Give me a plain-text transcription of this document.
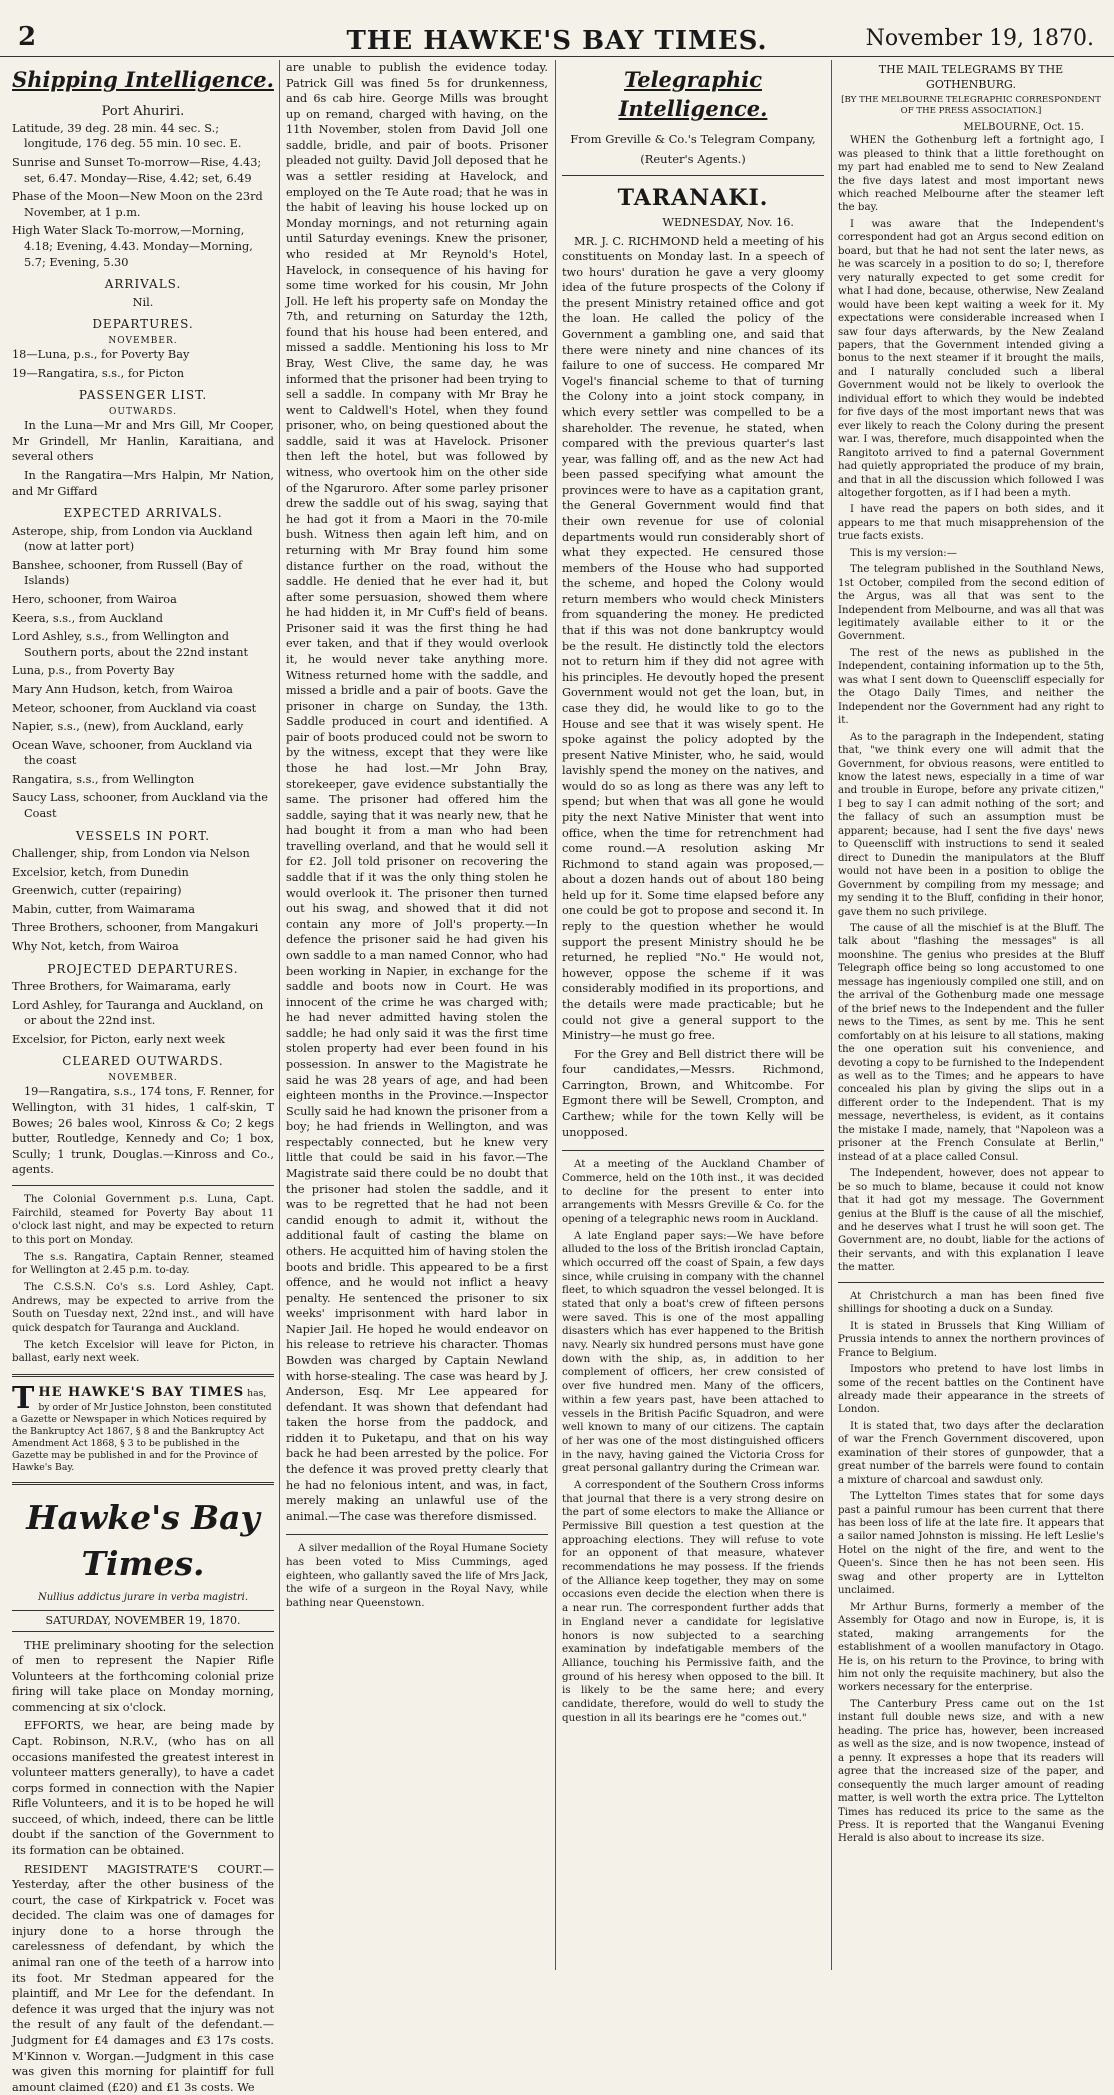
2	THE HAWKE'S BAY TIMES.	November 19, 1870.
Shipping Intelligence.
Port Ahuriri.

Latitude, 39 deg. 28 min. 44 sec. S.; longitude, 176 deg. 55 min. 10 sec. E.

Sunrise and Sunset To-morrow—Rise, 4.43; set, 6.47. Monday—Rise, 4.42; set, 6.49

Phase of the Moon—New Moon on the 23rd November, at 1 p.m.

High Water Slack To-morrow,—Morning, 4.18; Evening, 4.43. Monday—Morning, 5.7; Evening, 5.30

ARRIVALS.
Nil.
DEPARTURES.
NOVEMBER.

18—Luna, p.s., for Poverty Bay

19—Rangatira, s.s., for Picton

PASSENGER LIST.
OUTWARDS.

In the Luna—Mr and Mrs Gill, Mr Cooper, Mr Grindell, Mr Hanlin, Karaitiana, and several others

In the Rangatira—Mrs Halpin, Mr Nation, and Mr Giffard

EXPECTED ARRIVALS.

Asterope, ship, from London via Auckland (now at latter port)

Banshee, schooner, from Russell (Bay of Islands)

Hero, schooner, from Wairoa

Keera, s.s., from Auckland

Lord Ashley, s.s., from Wellington and Southern ports, about the 22nd instant

Luna, p.s., from Poverty Bay

Mary Ann Hudson, ketch, from Wairoa

Meteor, schooner, from Auckland via coast

Napier, s.s., (new), from Auckland, early

Ocean Wave, schooner, from Auckland via the coast

Rangatira, s.s., from Wellington

Saucy Lass, schooner, from Auckland via the Coast

VESSELS IN PORT.

Challenger, ship, from London via Nelson

Excelsior, ketch, from Dunedin

Greenwich, cutter (repairing)

Mabin, cutter, from Waimarama

Three Brothers, schooner, from Mangakuri

Why Not, ketch, from Wairoa

PROJECTED DEPARTURES.

Three Brothers, for Waimarama, early

Lord Ashley, for Tauranga and Auckland, on or about the 22nd inst.

Excelsior, for Picton, early next week

CLEARED OUTWARDS.
NOVEMBER.

19—Rangatira, s.s., 174 tons, F. Renner, for Wellington, with 31 hides, 1 calf-skin, T Bowes; 26 bales wool, Kinross & Co; 2 kegs butter, Routledge, Kennedy and Co; 1 box, Scully; 1 trunk, Douglas.—Kinross and Co., agents.

The Colonial Government p.s. Luna, Capt. Fairchild, steamed for Poverty Bay about 11 o'clock last night, and may be expected to return to this port on Monday.

The s.s. Rangatira, Captain Renner, steamed for Wellington at 2.45 p.m. to-day.

The C.S.S.N. Co's s.s. Lord Ashley, Capt. Andrews, may be expected to arrive from the South on Tuesday next, 22nd inst., and will have quick despatch for Tauranga and Auckland.

The ketch Excelsior will leave for Picton, in ballast, early next week.

T HE HAWKE'S BAY TIMES has, by order of Mr Justice Johnston, been constituted a Gazette or Newspaper in which Notices required by the Bankruptcy Act 1867, § 8 and the Bankruptcy Act Amendment Act 1868, § 3 to be published in the Gazette may be published in and for the Province of Hawke's Bay.
Hawke's Bay Times.
Nullius addictus jurare in verba magistri.
SATURDAY, NOVEMBER 19, 1870.

THE preliminary shooting for the selection of men to represent the Napier Rifle Volunteers at the forthcoming colonial prize firing will take place on Monday morning, commencing at six o'clock.

EFFORTS, we hear, are being made by Capt. Robinson, N.R.V., (who has on all occasions manifested the greatest interest in volunteer matters generally), to have a cadet corps formed in connection with the Napier Rifle Volunteers, and it is to be hoped he will succeed, of which, indeed, there can be little doubt if the sanction of the Government to its formation can be obtained.

RESIDENT MAGISTRATE'S COURT.—Yesterday, after the other business of the court, the case of Kirkpatrick v. Focet was decided. The claim was one of damages for injury done to a horse through the carelessness of defendant, by which the animal ran one of the teeth of a harrow into its foot. Mr Stedman appeared for the plaintiff, and Mr Lee for the defendant. In defence it was urged that the injury was not the result of any fault of the defendant.—Judgment for £4 damages and £3 17s costs. M'Kinnon v. Worgan.—Judgment in this case was given this morning for plaintiff for full amount claimed (£20) and £1 3s costs. We

are unable to publish the evidence today. Patrick Gill was fined 5s for drunkenness, and 6s cab hire. George Mills was brought up on remand, charged with having, on the 11th November, stolen from David Joll one saddle, bridle, and pair of boots. Prisoner pleaded not guilty. David Joll deposed that he was a settler residing at Havelock, and employed on the Te Aute road; that he was in the habit of leaving his house locked up on Monday mornings, and not returning again until Saturday evenings. Knew the prisoner, who resided at Mr Reynold's Hotel, Havelock, in consequence of his having for some time worked for his cousin, Mr John Joll. He left his property safe on Monday the 7th, and returning on Saturday the 12th, found that his house had been entered, and missed a saddle. Mentioning his loss to Mr Bray, West Clive, the same day, he was informed that the prisoner had been trying to sell a saddle. In company with Mr Bray he went to Caldwell's Hotel, when they found prisoner, who, on being questioned about the saddle, said it was at Havelock. Prisoner then left the hotel, but was followed by witness, who overtook him on the other side of the Ngaruroro. After some parley prisoner drew the saddle out of his swag, saying that he had got it from a Maori in the 70-mile bush. Witness then again left him, and on returning with Mr Bray found him some distance further on the road, without the saddle. He denied that he ever had it, but after some persuasion, showed them where he had hidden it, in Mr Cuff's field of beans. Prisoner said it was the first thing he had ever taken, and that if they would overlook it, he would never take anything more. Witness returned home with the saddle, and missed a bridle and a pair of boots. Gave the prisoner in charge on Sunday, the 13th. Saddle produced in court and identified. A pair of boots produced could not be sworn to by the witness, except that they were like those he had lost.—Mr John Bray, storekeeper, gave evidence substantially the same. The prisoner had offered him the saddle, saying that it was nearly new, that he had bought it from a man who had been travelling overland, and that he would sell it for £2. Joll told prisoner on recovering the saddle that if it was the only thing stolen he would overlook it. The prisoner then turned out his swag, and showed that it did not contain any more of Joll's property.—In defence the prisoner said he had given his own saddle to a man named Connor, who had been working in Napier, in exchange for the saddle and boots now in Court. He was innocent of the crime he was charged with; he had never admitted having stolen the saddle; he had only said it was the first time stolen property had ever been found in his possession. In answer to the Magistrate he said he was 28 years of age, and had been eighteen months in the Province.—Inspector Scully said he had known the prisoner from a boy; he had friends in Wellington, and was respectably connected, but he knew very little that could be said in his favor.—The Magistrate said there could be no doubt that the prisoner had stolen the saddle, and it was to be regretted that he had not been candid enough to admit it, without the additional fault of casting the blame on others. He acquitted him of having stolen the boots and bridle. This appeared to be a first offence, and he would not inflict a heavy penalty. He sentenced the prisoner to six weeks' imprisonment with hard labor in Napier Jail. He hoped he would endeavor on his release to retrieve his character. Thomas Bowden was charged by Captain Newland with horse-stealing. The case was heard by J. Anderson, Esq. Mr Lee appeared for defendant. It was shown that defendant had taken the horse from the paddock, and ridden it to Puketapu, and that on his way back he had been arrested by the police. For the defence it was proved pretty clearly that he had no felonious intent, and was, in fact, merely making an unlawful use of the animal.—The case was therefore dismissed.

A silver medallion of the Royal Humane Society has been voted to Miss Cummings, aged eighteen, who gallantly saved the life of Mrs Jack, the wife of a surgeon in the Royal Navy, while bathing near Queenstown.

Telegraphic Intelligence.
From Greville & Co.'s Telegram Company,
(Reuter's Agents.)
TARANAKI.
WEDNESDAY, Nov. 16.

MR. J. C. RICHMOND held a meeting of his constituents on Monday last. In a speech of two hours' duration he gave a very gloomy idea of the future prospects of the Colony if the present Ministry retained office and got the loan. He called the policy of the Government a gambling one, and said that there were ninety and nine chances of its failure to one of success. He compared Mr Vogel's financial scheme to that of turning the Colony into a joint stock company, in which every settler was compelled to be a shareholder. The revenue, he stated, when compared with the previous quarter's last year, was falling off, and as the new Act had been passed specifying what amount the provinces were to have as a capitation grant, the General Government would find that their own revenue for use of colonial departments would run considerably short of what they expected. He censured those members of the House who had supported the scheme, and hoped the Colony would return members who would check Ministers from squandering the money. He predicted that if this was not done bankruptcy would be the result. He distinctly told the electors not to return him if they did not agree with his principles. He devoutly hoped the present Government would not get the loan, but, in case they did, he would like to go to the House and see that it was wisely spent. He spoke against the policy adopted by the present Native Minister, who, he said, would lavishly spend the money on the natives, and would do so as long as there was any left to spend; but when that was all gone he would pity the next Native Minister that went into office, when the time for retrenchment had come round.—A resolution asking Mr Richmond to stand again was proposed,—about a dozen hands out of about 180 being held up for it. Some time elapsed before any one could be got to propose and second it. In reply to the question whether he would support the present Ministry should he be returned, he replied "No." He would not, however, oppose the scheme if it was considerably modified in its proportions, and the details were made practicable; but he could not give a general support to the Ministry—he must go free.

For the Grey and Bell district there will be four candidates,—Messrs. Richmond, Carrington, Brown, and Whitcombe. For Egmont there will be Sewell, Crompton, and Carthew; while for the town Kelly will be unopposed.

At a meeting of the Auckland Chamber of Commerce, held on the 10th inst., it was decided to decline for the present to enter into arrangements with Messrs Greville & Co. for the opening of a telegraphic news room in Auckland.

A late England paper says:—We have before alluded to the loss of the British ironclad Captain, which occurred off the coast of Spain, a few days since, while cruising in company with the channel fleet, to which squadron the vessel belonged. It is stated that only a boat's crew of fifteen persons were saved. This is one of the most appalling disasters which has ever happened to the British navy. Nearly six hundred persons must have gone down with the ship, as, in addition to her complement of officers, her crew consisted of over five hundred men. Many of the officers, within a few years past, have been attached to vessels in the British Pacific Squadron, and were well known to many of our citizens. The captain of her was one of the most distinguished officers in the navy, having gained the Victoria Cross for great personal gallantry during the Crimean war.

A correspondent of the Southern Cross informs that journal that there is a very strong desire on the part of some electors to make the Alliance or Permissive Bill question a test question at the approaching elections. They will refuse to vote for an opponent of that measure, whatever recommendations he may possess. If the friends of the Alliance keep together, they may on some occasions even decide the election when there is a near run. The correspondent further adds that in England never a candidate for legislative honors is now subjected to a searching examination by indefatigable members of the Alliance, touching his Permissive faith, and the ground of his heresy when opposed to the bill. It is likely to be the same here; and every candidate, therefore, would do well to study the question in all its bearings ere he "comes out."

THE MAIL TELEGRAMS BY THE GOTHENBURG.
[BY THE MELBOURNE TELEGRAPHIC CORRESPONDENT OF THE PRESS ASSOCIATION.]
MELBOURNE, Oct. 15.

WHEN the Gothenburg left a fortnight ago, I was pleased to think that a little forethought on my part had enabled me to send to New Zealand the five days latest and most important news which reached Melbourne after the steamer left the bay.

I was aware that the Independent's correspondent had got an Argus second edition on board, but that he had not sent the later news, as he was scarcely in a position to do so; I, therefore very naturally expected to get some credit for what I had done, because, otherwise, New Zealand would have been kept waiting a week for it. My expectations were considerable increased when I saw four days afterwards, by the New Zealand papers, that the Government intended giving a bonus to the next steamer if it brought the mails, and I naturally concluded such a liberal Government would not be likely to overlook the individual effort to which they would be indebted for five days of the most important news that was ever likely to reach the Colony during the present war. I was, therefore, much disappointed when the Rangitoto arrived to find a paternal Government had quietly appropriated the produce of my brain, and that in all the discussion which followed I was altogether forgotten, as if I had been a myth.

I have read the papers on both sides, and it appears to me that much misapprehension of the true facts exists.

This is my version:—

The telegram published in the Southland News, 1st October, compiled from the second edition of the Argus, was all that was sent to the Independent from Melbourne, and was all that was legitimately available either to it or the Government.

The rest of the news as published in the Independent, containing information up to the 5th, was what I sent down to Queenscliff especially for the Otago Daily Times, and neither the Independent nor the Government had any right to it.

As to the paragraph in the Independent, stating that, "we think every one will admit that the Government, for obvious reasons, were entitled to know the latest news, especially in a time of war and trouble in Europe, before any private citizen," I beg to say I can admit nothing of the sort; and the fallacy of such an assumption must be apparent; because, had I sent the five days' news to Queenscliff with instructions to send it sealed direct to Dunedin the manipulators at the Bluff would not have been in a position to oblige the Government by compiling from my message; and my sending it to the Bluff, confiding in their honor, gave them no such privilege.

The cause of all the mischief is at the Bluff. The talk about "flashing the messages" is all moonshine. The genius who presides at the Bluff Telegraph office being so long accustomed to one message has ingeniously compiled one still, and on the arrival of the Gothenburg made one message of the brief news to the Independent and the fuller news to the Times, as sent by me. This he sent comfortably on at his leisure to all stations, making the one operation suit his convenience, and devoting a copy to be furnished to the Independent as well as to the Times; and he appears to have concealed his plan by giving the slips out in a different order to the Independent. That is my message, nevertheless, is evident, as it contains the mistake I made, namely, that "Napoleon was a prisoner at the French Consulate at Berlin," instead of at a place called Consul.

The Independent, however, does not appear to be so much to blame, because it could not know that it had got my message. The Government genius at the Bluff is the cause of all the mischief, and he deserves what I trust he will soon get. The Government are, no doubt, liable for the actions of their servants, and with this explanation I leave the matter.

At Christchurch a man has been fined five shillings for shooting a duck on a Sunday.

It is stated in Brussels that King William of Prussia intends to annex the northern provinces of France to Belgium.

Impostors who pretend to have lost limbs in some of the recent battles on the Continent have already made their appearance in the streets of London.

It is stated that, two days after the declaration of war the French Government discovered, upon examination of their stores of gunpowder, that a great number of the barrels were found to contain a mixture of charcoal and sawdust only.

The Lyttelton Times states that for some days past a painful rumour has been current that there has been loss of life at the late fire. It appears that a sailor named Johnston is missing. He left Leslie's Hotel on the night of the fire, and went to the Queen's. Since then he has not been seen. His swag and other property are in Lyttelton unclaimed.

Mr Arthur Burns, formerly a member of the Assembly for Otago and now in Europe, is, it is stated, making arrangements for the establishment of a woollen manufactory in Otago. He is, on his return to the Province, to bring with him not only the requisite machinery, but also the workers necessary for the enterprise.

The Canterbury Press came out on the 1st instant full double news size, and with a new heading. The price has, however, been increased as well as the size, and is now twopence, instead of a penny. It expresses a hope that its readers will agree that the increased size of the paper, and consequently the much larger amount of reading matter, is well worth the extra price. The Lyttelton Times has reduced its price to the same as the Press. It is reported that the Wanganui Evening Herald is also about to increase its size.
